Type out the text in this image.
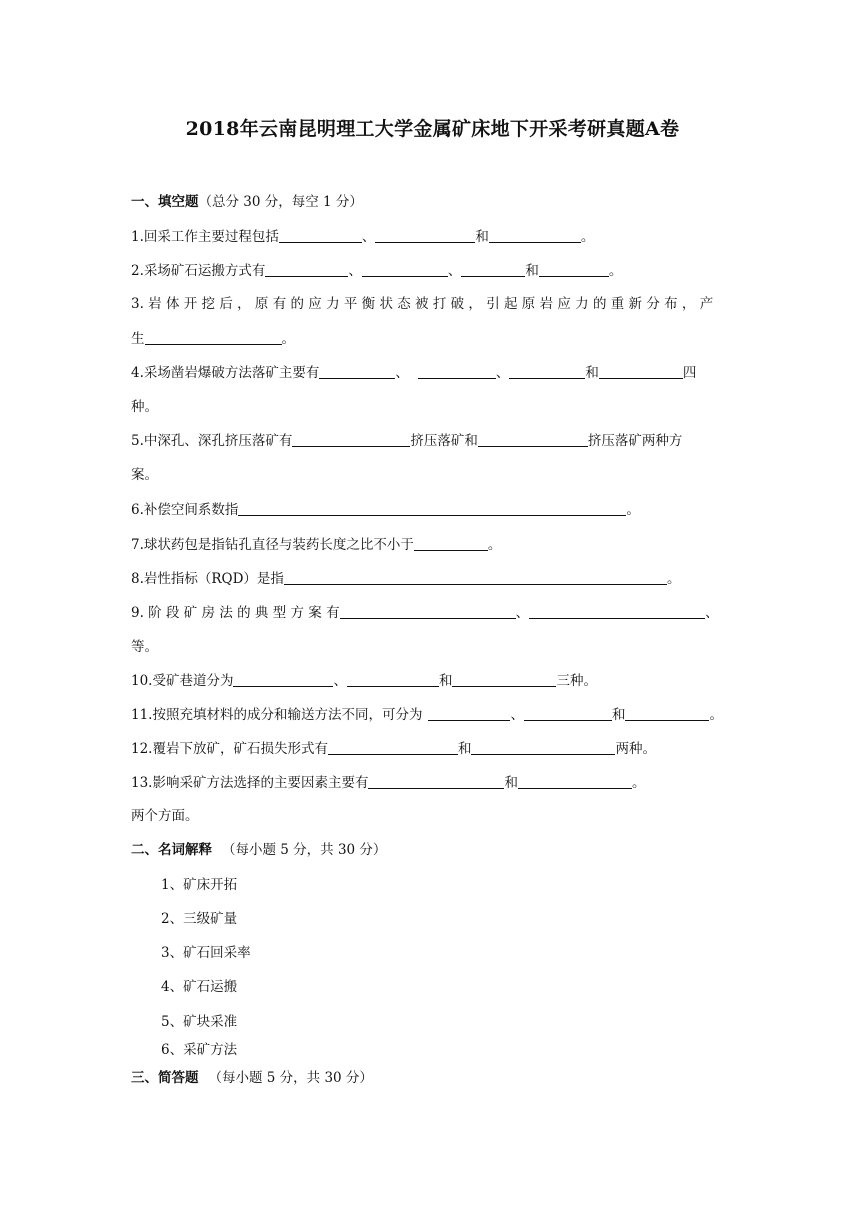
2018年云南昆明理工大学金属矿床地下开采考研真题A卷
一、填空题（总分 30 分，每空 1 分）
1.回采工作主要过程包括	、	和	。
2.采场矿石运搬方式有	、	、	和	。
3. 岩 体 开 挖 后 ， 原 有 的 应 力 平 衡 状 态 被 打 破 ， 引 起 原 岩 应 力 的 重 新 分 布 ， 产
生	。
4.采场凿岩爆破方法落矿主要有	、	、	和	四
种。
5.中深孔、深孔挤压落矿有	挤压落矿和	挤压落矿两种方
案。
6.补偿空间系数指	。
7.球状药包是指钻孔直径与装药长度之比不小于	。
8.岩性指标（RQD）是指	。
9. 阶 段 矿 房 法 的 典 型 方 案 有	、	、
等。
10.受矿巷道分为	、	和	三种。
11.按照充填材料的成分和输送方法不同，可分为	、	和	。
12.覆岩下放矿，矿石损失形式有	和	两种。
13.影响采矿方法选择的主要因素主要有	和	。
两个方面。
二、名词解释 （每小题 5 分，共 30 分）
1、矿床开拓
2、三级矿量
3、矿石回采率
4、矿石运搬
5、矿块采准
6、采矿方法
三、简答题 （每小题 5 分，共 30 分）
